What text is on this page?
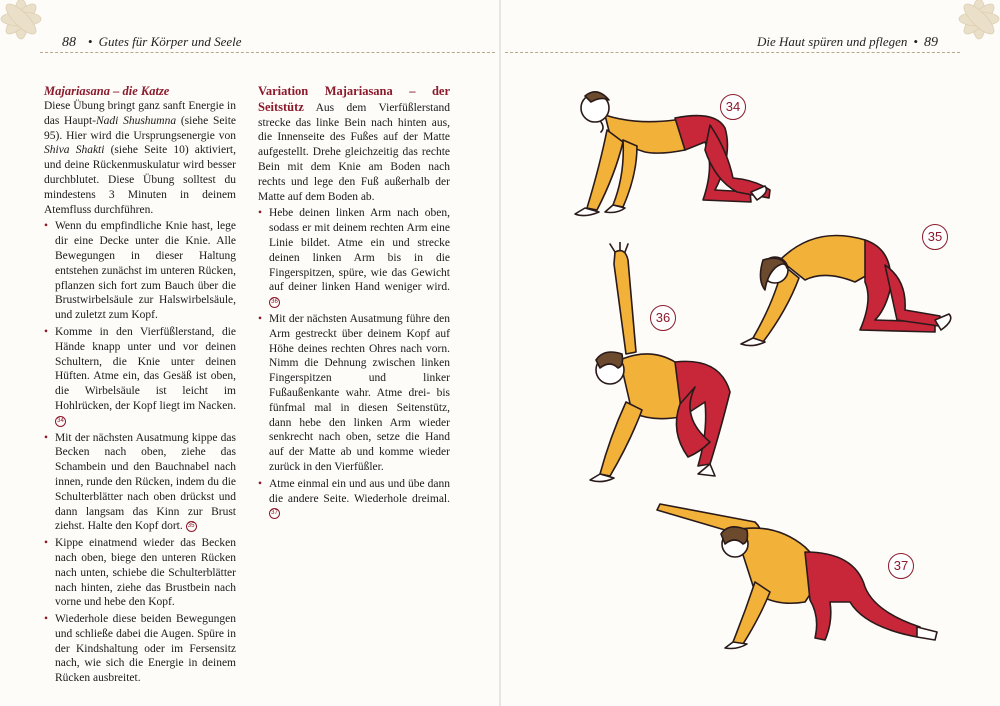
88 • Gutes für Körper und Seele	Die Haut spüren und pflegen • 89
Majariasana – die Katze

Diese Übung bringt ganz sanft Energie in das Haupt-Nadi Shushumna (siehe Seite 95). Hier wird die Ursprungsenergie von Shiva Shakti (siehe Seite 10) aktiviert, und deine Rückenmuskulatur wird besser durchblutet. Diese Übung solltest du mindestens 3 Minuten in deinem Atemfluss durchführen.

• Wenn du empfindliche Knie hast, lege dir eine Decke unter die Knie. Alle Bewegungen in dieser Haltung entstehen zunächst im unteren Rücken, pflanzen sich fort zum Bauch über die Brustwirbelsäule zur Halswirbelsäule, und zuletzt zum Kopf.
• Komme in den Vierfüßlerstand, die Hände knapp unter und vor deinen Schultern, die Knie unter deinen Hüften. Atme ein, das Gesäß ist oben, die Wirbelsäule ist leicht im Hohlrücken, der Kopf liegt im Nacken. 34
• Mit der nächsten Ausatmung kippe das Becken nach oben, ziehe das Schambein und den Bauchnabel nach innen, runde den Rücken, indem du die Schulterblätter nach oben drückst und dann langsam das Kinn zur Brust ziehst. Halte den Kopf dort. 35
• Kippe einatmend wieder das Becken nach oben, biege den unteren Rücken nach unten, schiebe die Schulterblätter nach hinten, ziehe das Brustbein nach vorne und hebe den Kopf.
• Wiederhole diese beiden Bewegungen und schließe dabei die Augen. Spüre in der Kindshaltung oder im Fersensitz nach, wie sich die Energie in deinem Rücken ausbreitet.

Variation Majariasana – der Seitstütz Aus dem Vierfüßlerstand strecke das linke Bein nach hinten aus, die Innenseite des Fußes auf der Matte aufgestellt. Drehe gleichzeitig das rechte Bein mit dem Knie am Boden nach rechts und lege den Fuß außerhalb der Matte auf dem Boden ab.

• Hebe deinen linken Arm nach oben, sodass er mit deinem rechten Arm eine Linie bildet. Atme ein und strecke deinen linken Arm bis in die Fingerspitzen, spüre, wie das Gewicht auf deiner linken Hand weniger wird. 36
• Mit der nächsten Ausatmung führe den Arm gestreckt über deinem Kopf auf Höhe deines rechten Ohres nach vorn. Nimm die Dehnung zwischen linken Fingerspitzen und linker Fußaußenkante wahr. Atme drei- bis fünfmal mal in diesen Seitenstütz, dann hebe den linken Arm wieder senkrecht nach oben, setze die Hand auf der Matte ab und komme wieder zurück in den Vierfüßler.
• Atme einmal ein und aus und übe dann die andere Seite. Wiederhole dreimal. 37
34
35
36
37
